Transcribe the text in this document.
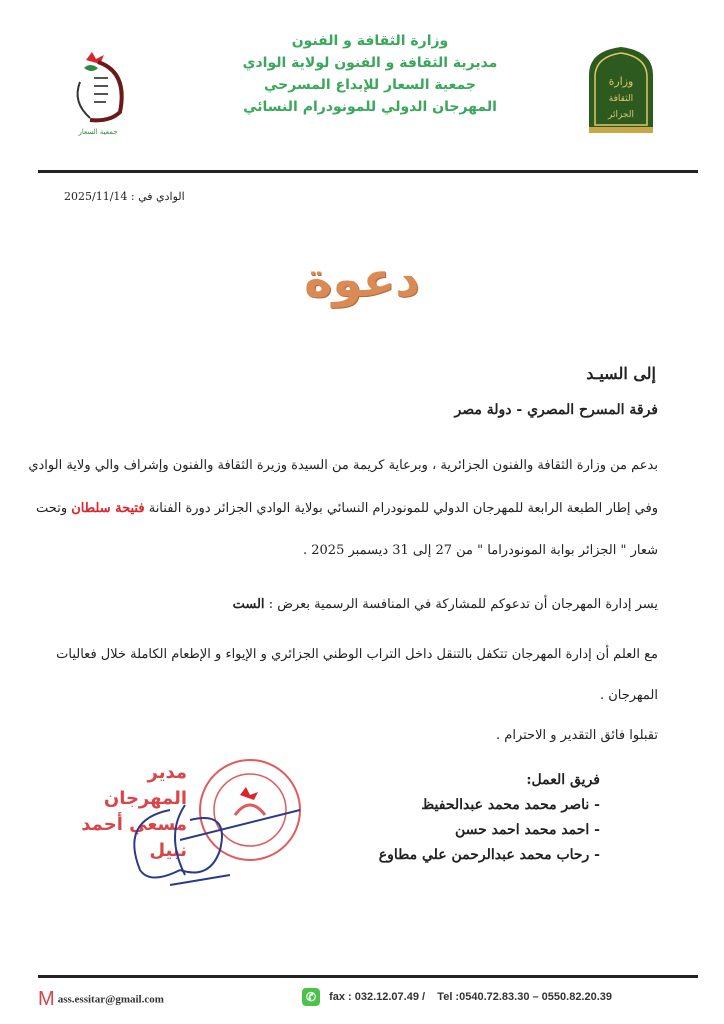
جمعية السعار
وزارة الثقافة و الفنون
مديرية الثقافة و الفنون لولاية الوادي
جمعية السعار للإبداع المسرحي
المهرجان الدولي للمونودرام النسائي
وزارة
الثقافة
الجزائر
الوادي في : 2025/11/14
دعوة
إلى السيـد
فرقة المسرح المصري - دولة مصر
بدعم من وزارة الثقافة والفنون الجزائرية ، وبرعاية كريمة من السيدة وزيرة الثقافة والفنون وإشراف والي ولاية الوادي
وفي إطار الطبعة الرابعة للمهرجان الدولي للمونودرام النسائي بولاية الوادي الجزائر دورة الفنانة فتيحة سلطان وتحت
شعار " الجزائر بوابة المونودراما " من 27 إلى 31 ديسمبر 2025 .
يسر إدارة المهرجان أن تدعوكم للمشاركة في المنافسة الرسمية بعرض : الست
مع العلم أن إدارة المهرجان تتكفل بالتنقل داخل التراب الوطني الجزائري و الإيواء و الإطعام الكاملة خلال فعاليات
المهرجان .
تقبلوا فائق التقدير و الاحترام .
فريق العمل:
- ناصر محمد محمد عبدالحفيظ
- احمد محمد احمد حسن
- رحاب محمد عبدالرحمن علي مطاوع
مدير المهرجان
مسعي أحمد نبيل
M ass.essitar@gmail.com	✆ fax : 032.12.07.49 /    Tel :0540.72.83.30 – 0550.82.20.39
